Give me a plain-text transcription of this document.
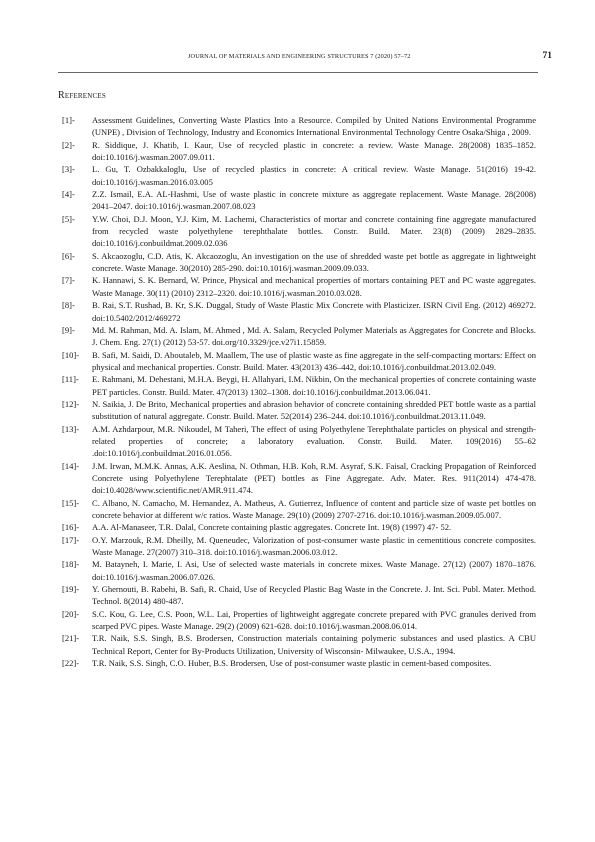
JOURNAL OF MATERIALS AND ENGINEERING STRUCTURES 7 (2020) 57–72	71
References
[1]-	Assessment Guidelines, Converting Waste Plastics Into a Resource. Compiled by United Nations Environmental Programme (UNPE) , Division of Technology, Industry and Economics International Environmental Technology Centre Osaka/Shiga , 2009.
[2]-	R. Siddique, J. Khatib, I. Kaur, Use of recycled plastic in concrete: a review. Waste Manage. 28(2008) 1835–1852. doi:10.1016/j.wasman.2007.09.011.
[3]-	L. Gu, T. Ozbakkaloglu, Use of recycled plastics in concrete: A critical review. Waste Manage. 51(2016) 19-42. doi:10.1016/j.wasman.2016.03.005
[4]-	Z.Z. Ismail, E.A. AL-Hashmi, Use of waste plastic in concrete mixture as aggregate replacement. Waste Manage. 28(2008) 2041–2047. doi:10.1016/j.wasman.2007.08.023
[5]-	Y.W. Choi, D.J. Moon, Y.J. Kim, M. Lachemi, Characteristics of mortar and concrete containing fine aggregate manufactured from recycled waste polyethylene terephthalate bottles. Constr. Build. Mater. 23(8) (2009) 2829–2835. doi:10.1016/j.conbuildmat.2009.02.036
[6]-	S. Akcaozoglu, C.D. Atis, K. Akcaozoglu, An investigation on the use of shredded waste pet bottle as aggregate in lightweight concrete. Waste Manage. 30(2010) 285-290. doi:10.1016/j.wasman.2009.09.033.
[7]-	K. Hannawi, S. K. Bernard, W. Prince, Physical and mechanical properties of mortars containing PET and PC waste aggregates. Waste Manage. 30(11) (2010) 2312–2320. doi:10.1016/j.wasman.2010.03.028.
[8]-	B. Rai, S.T. Rushad, B. Kr, S.K. Duggal, Study of Waste Plastic Mix Concrete with Plasticizer. ISRN Civil Eng. (2012) 469272. doi:10.5402/2012/469272
[9]-	Md. M. Rahman, Md. A. Islam, M. Ahmed , Md. A. Salam, Recycled Polymer Materials as Aggregates for Concrete and Blocks. J. Chem. Eng. 27(1) (2012) 53-57. doi.org/10.3329/jce.v27i1.15859.
[10]-	B. Safi, M. Saidi, D. Aboutaleb, M. Maallem, The use of plastic waste as fine aggregate in the self-compacting mortars: Effect on physical and mechanical properties. Constr. Build. Mater. 43(2013) 436–442, doi:10.1016/j.conbuildmat.2013.02.049.
[11]-	E. Rahmani, M. Dehestani, M.H.A. Beygi, H. Allahyari, I.M. Nikbin, On the mechanical properties of concrete containing waste PET particles. Constr. Build. Mater. 47(2013) 1302–1308. doi:10.1016/j.conbuildmat.2013.06.041.
[12]-	N. Saikia, J. De Brito, Mechanical properties and abrasion behavior of concrete containing shredded PET bottle waste as a partial substitution of natural aggregate. Constr. Build. Mater. 52(2014) 236–244. doi:10.1016/j.conbuildmat.2013.11.049.
[13]-	A.M. Azhdarpour, M.R. Nikoudel, M Taheri, The effect of using Polyethylene Terephthalate particles on physical and strength-related properties of concrete; a laboratory evaluation. Constr. Build. Mater. 109(2016) 55–62 .doi:10.1016/j.conbuildmat.2016.01.056.
[14]-	J.M. Irwan, M.M.K. Annas, A.K. Aeslina, N. Othman, H.B. Koh, R.M. Asyraf, S.K. Faisal, Cracking Propagation of Reinforced Concrete using Polyethylene Terephtalate (PET) bottles as Fine Aggregate. Adv. Mater. Res. 911(2014) 474-478. doi:10.4028/www.scientific.net/AMR.911.474.
[15]-	C. Albano, N. Camacho, M. Hernandez, A. Matheus, A. Gutierrez, Influence of content and particle size of waste pet bottles on concrete behavior at different w/c ratios. Waste Manage. 29(10) (2009) 2707-2716. doi:10.1016/j.wasman.2009.05.007.
[16]-	A.A. Al-Manaseer, T.R. Dalal, Concrete containing plastic aggregates. Concrete Int. 19(8) (1997) 47- 52.
[17]-	O.Y. Marzouk, R.M. Dheilly, M. Queneudec, Valorization of post-consumer waste plastic in cementitious concrete composites. Waste Manage. 27(2007) 310–318. doi:10.1016/j.wasman.2006.03.012.
[18]-	M. Batayneh, I. Marie, I. Asi, Use of selected waste materials in concrete mixes. Waste Manage. 27(12) (2007) 1870–1876. doi:10.1016/j.wasman.2006.07.026.
[19]-	Y. Ghernouti, B. Rabehi, B. Safi, R. Chaid, Use of Recycled Plastic Bag Waste in the Concrete. J. Int. Sci. Publ. Mater. Method. Technol. 8(2014) 480-487.
[20]-	S.C. Kou, G. Lee, C.S. Poon, W.L. Lai, Properties of lightweight aggregate concrete prepared with PVC granules derived from scarped PVC pipes. Waste Manage. 29(2) (2009) 621-628. doi:10.1016/j.wasman.2008.06.014.
[21]-	T.R. Naik, S.S. Singh, B.S. Brodersen, Construction materials containing polymeric substances and used plastics. A CBU Technical Report, Center for By-Products Utilization, University of Wisconsin- Milwaukee, U.S.A., 1994.
[22]-	T.R. Naik, S.S. Singh, C.O. Huber, B.S. Brodersen, Use of post-consumer waste plastic in cement-based composites.
